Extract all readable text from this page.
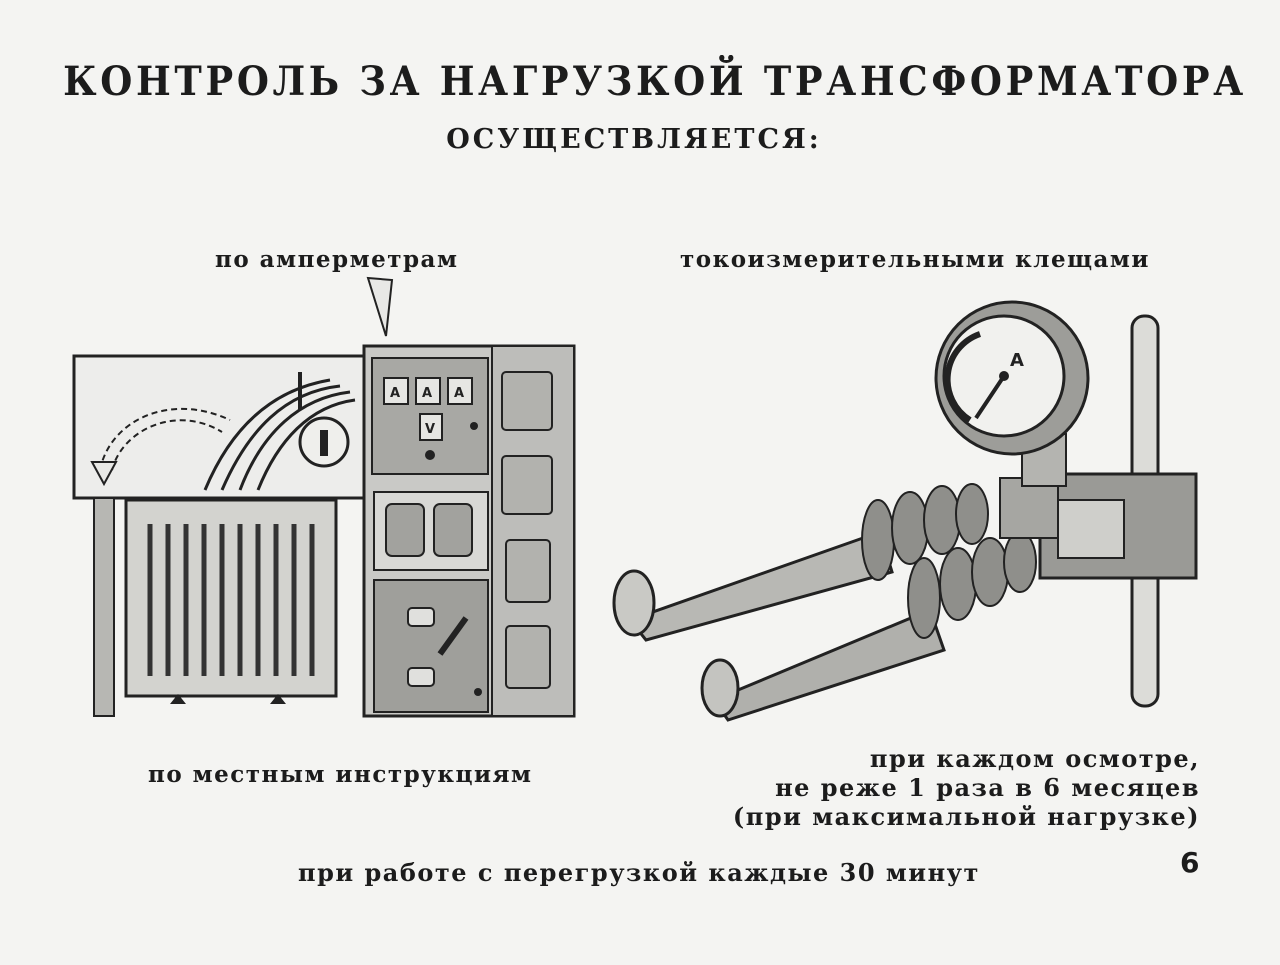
КОНТРОЛЬ ЗА НАГРУЗКОЙ ТРАНСФОРМАТОРА
ОСУЩЕСТВЛЯЕТСЯ:
по амперметрам	токоизмерительными клещами
A A A
V
A
по местным инструкциям
при каждом осмотре,
не реже 1 раза в 6 месяцев
(при максимальной нагрузке)
при работе с перегрузкой каждые 30 минут	6
